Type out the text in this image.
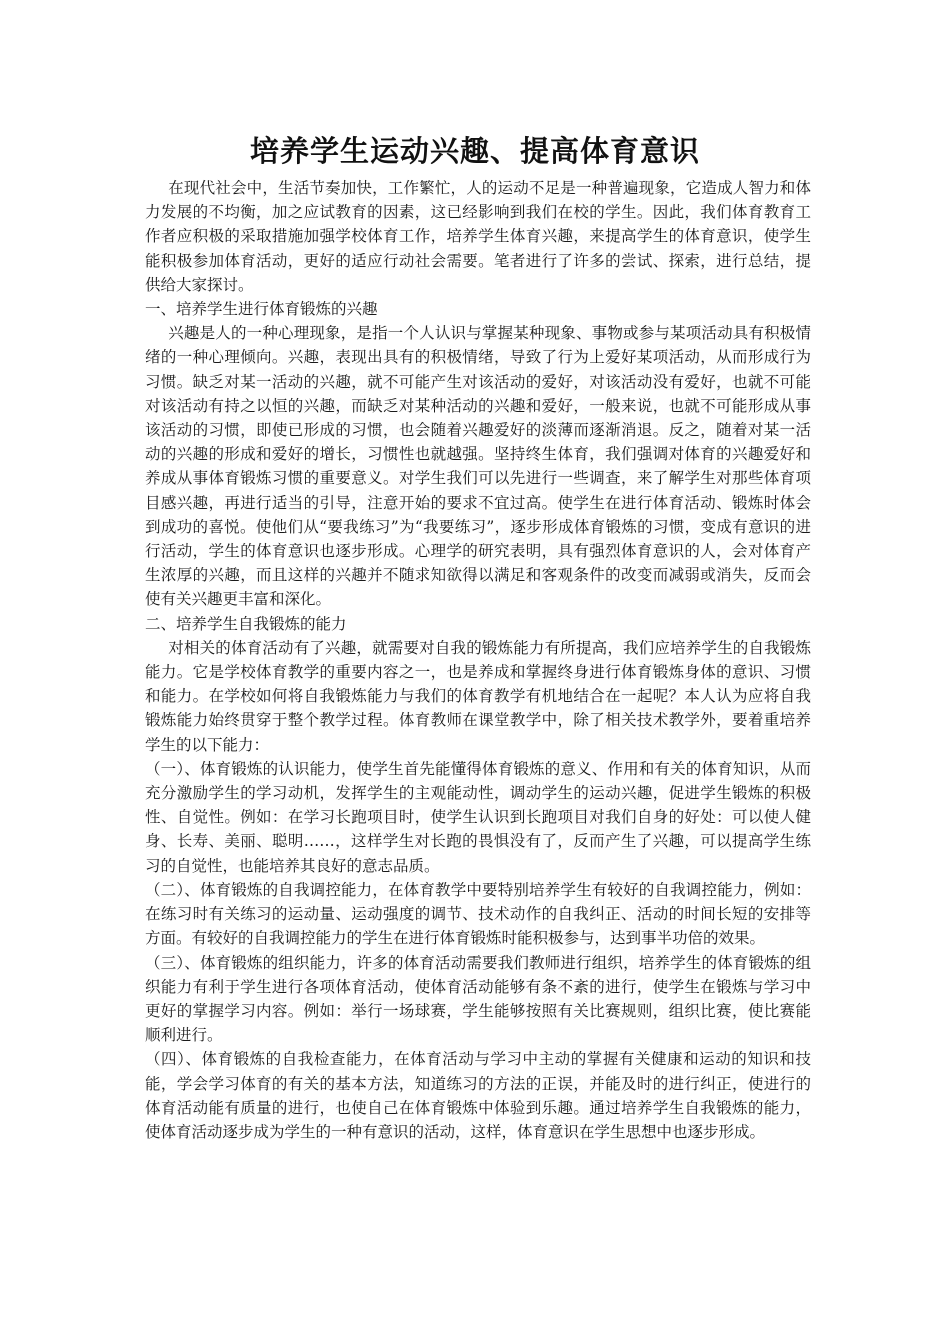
培养学生运动兴趣、提高体育意识

在现代社会中，生活节奏加快，工作繁忙，人的运动不足是一种普遍现象，它造成人智力和体力发展的不均衡，加之应试教育的因素，这已经影响到我们在校的学生。因此，我们体育教育工作者应积极的采取措施加强学校体育工作，培养学生体育兴趣，来提高学生的体育意识，使学生能积极参加体育活动，更好的适应行动社会需要。笔者进行了许多的尝试、探索，进行总结，提供给大家探讨。

一、培养学生进行体育锻炼的兴趣

兴趣是人的一种心理现象，是指一个人认识与掌握某种现象、事物或参与某项活动具有积极情绪的一种心理倾向。兴趣，表现出具有的积极情绪，导致了行为上爱好某项活动，从而形成行为习惯。缺乏对某一活动的兴趣，就不可能产生对该活动的爱好，对该活动没有爱好，也就不可能对该活动有持之以恒的兴趣，而缺乏对某种活动的兴趣和爱好，一般来说，也就不可能形成从事该活动的习惯，即使已形成的习惯，也会随着兴趣爱好的淡薄而逐渐消退。反之，随着对某一活动的兴趣的形成和爱好的增长，习惯性也就越强。坚持终生体育，我们强调对体育的兴趣爱好和养成从事体育锻炼习惯的重要意义。对学生我们可以先进行一些调查，来了解学生对那些体育项目感兴趣，再进行适当的引导，注意开始的要求不宜过高。使学生在进行体育活动、锻炼时体会到成功的喜悦。使他们从“要我练习”为“我要练习”，逐步形成体育锻炼的习惯，变成有意识的进行活动，学生的体育意识也逐步形成。心理学的研究表明，具有强烈体育意识的人，会对体育产生浓厚的兴趣，而且这样的兴趣并不随求知欲得以满足和客观条件的改变而减弱或消失，反而会使有关兴趣更丰富和深化。

二、培养学生自我锻炼的能力

对相关的体育活动有了兴趣，就需要对自我的锻炼能力有所提高，我们应培养学生的自我锻炼能力。它是学校体育教学的重要内容之一，也是养成和掌握终身进行体育锻炼身体的意识、习惯和能力。在学校如何将自我锻炼能力与我们的体育教学有机地结合在一起呢？本人认为应将自我锻炼能力始终贯穿于整个教学过程。体育教师在课堂教学中，除了相关技术教学外，要着重培养学生的以下能力：

（一）、体育锻炼的认识能力，使学生首先能懂得体育锻炼的意义、作用和有关的体育知识，从而充分激励学生的学习动机，发挥学生的主观能动性，调动学生的运动兴趣，促进学生锻炼的积极性、自觉性。例如：在学习长跑项目时，使学生认识到长跑项目对我们自身的好处：可以使人健身、长寿、美丽、聪明……，这样学生对长跑的畏惧没有了，反而产生了兴趣，可以提高学生练习的自觉性，也能培养其良好的意志品质。

（二）、体育锻炼的自我调控能力，在体育教学中要特别培养学生有较好的自我调控能力，例如：在练习时有关练习的运动量、运动强度的调节、技术动作的自我纠正、活动的时间长短的安排等方面。有较好的自我调控能力的学生在进行体育锻炼时能积极参与，达到事半功倍的效果。

（三）、体育锻炼的组织能力，许多的体育活动需要我们教师进行组织，培养学生的体育锻炼的组织能力有利于学生进行各项体育活动，使体育活动能够有条不紊的进行，使学生在锻炼与学习中更好的掌握学习内容。例如：举行一场球赛，学生能够按照有关比赛规则，组织比赛，使比赛能顺利进行。

（四）、体育锻炼的自我检查能力，在体育活动与学习中主动的掌握有关健康和运动的知识和技能，学会学习体育的有关的基本方法，知道练习的方法的正误，并能及时的进行纠正，使进行的体育活动能有质量的进行，也使自己在体育锻炼中体验到乐趣。通过培养学生自我锻炼的能力，使体育活动逐步成为学生的一种有意识的活动，这样，体育意识在学生思想中也逐步形成。
